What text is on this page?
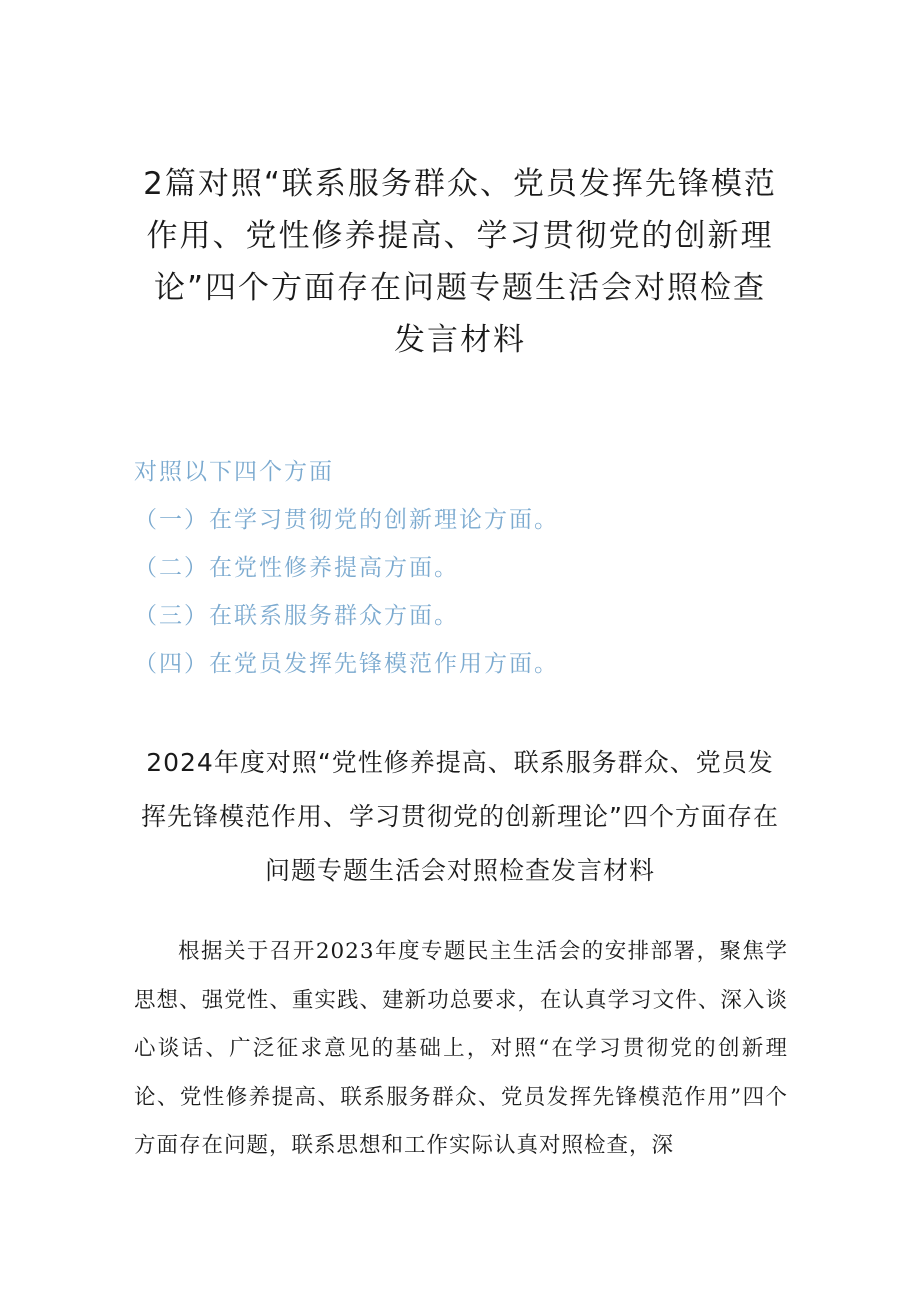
2篇对照“联系服务群众、党员发挥先锋模范作用、党性修养提高、学习贯彻党的创新理论”四个方面存在问题专题生活会对照检查发言材料

对照以下四个方面

（一）在学习贯彻党的创新理论方面。
（二）在党性修养提高方面。
（三）在联系服务群众方面。
（四）在党员发挥先锋模范作用方面。
2024年度对照“党性修养提高、联系服务群众、党员发挥先锋模范作用、学习贯彻党的创新理论”四个方面存在问题专题生活会对照检查发言材料

根据关于召开2023年度专题民主生活会的安排部署，聚焦学思想、强党性、重实践、建新功总要求，在认真学习文件、深入谈心谈话、广泛征求意见的基础上，对照“在学习贯彻党的创新理论、党性修养提高、联系服务群众、党员发挥先锋模范作用”四个方面存在问题，联系思想和工作实际认真对照检查，深
